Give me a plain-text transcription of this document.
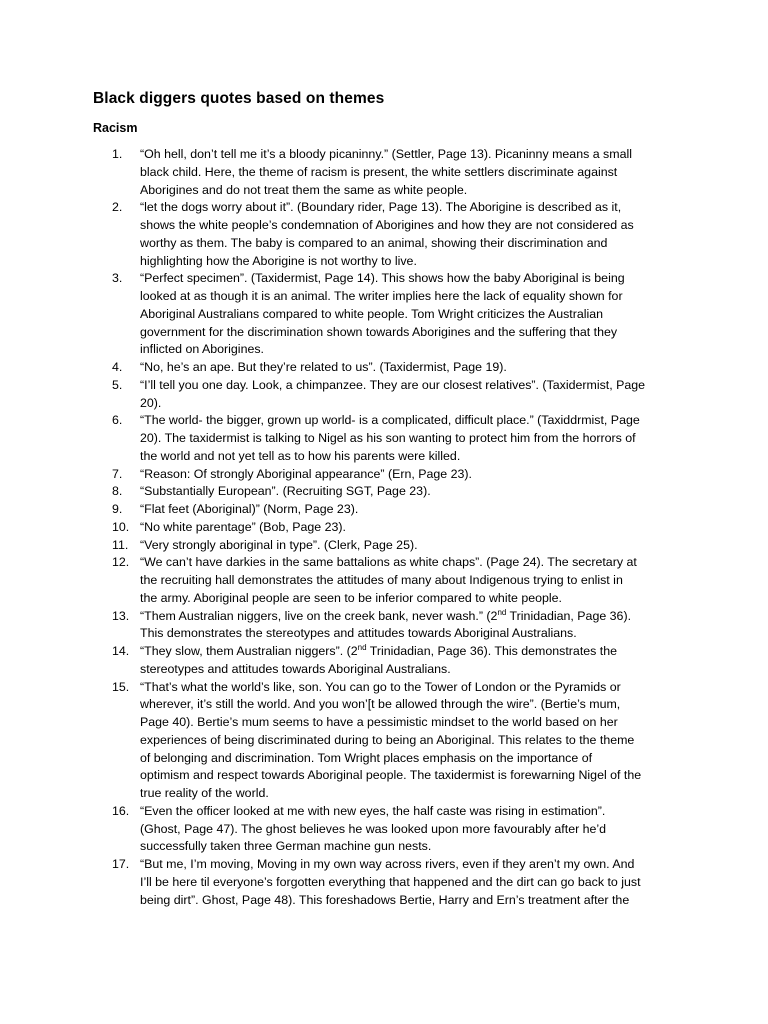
Black diggers quotes based on themes
Racism
1.	“Oh hell, don’t tell me it’s a bloody picaninny.” (Settler, Page 13). Picaninny means a small
black child. Here, the theme of racism is present, the white settlers discriminate against
Aborigines and do not treat them the same as white people.
2.	“let the dogs worry about it”. (Boundary rider, Page 13). The Aborigine is described as it,
shows the white people’s condemnation of Aborigines and how they are not considered as
worthy as them. The baby is compared to an animal, showing their discrimination and
highlighting how the Aborigine is not worthy to live.
3.	“Perfect specimen”. (Taxidermist, Page 14). This shows how the baby Aboriginal is being
looked at as though it is an animal. The writer implies here the lack of equality shown for
Aboriginal Australians compared to white people. Tom Wright criticizes the Australian
government for the discrimination shown towards Aborigines and the suffering that they
inflicted on Aborigines.
4.	“No, he’s an ape. But they’re related to us”. (Taxidermist, Page 19).
5.	“I’ll tell you one day. Look, a chimpanzee. They are our closest relatives”. (Taxidermist, Page
20).
6.	“The world- the bigger, grown up world- is a complicated, difficult place.” (Taxiddrmist, Page
20). The taxidermist is talking to Nigel as his son wanting to protect him from the horrors of
the world and not yet tell as to how his parents were killed.
7.	“Reason: Of strongly Aboriginal appearance” (Ern, Page 23).
8.	“Substantially European”. (Recruiting SGT, Page 23).
9.	“Flat feet (Aboriginal)” (Norm, Page 23).
10. “No white parentage” (Bob, Page 23).
11. “Very strongly aboriginal in type”. (Clerk, Page 25).
12. “We can’t have darkies in the same battalions as white chaps”. (Page 24). The secretary at
the recruiting hall demonstrates the attitudes of many about Indigenous trying to enlist in
the army. Aboriginal people are seen to be inferior compared to white people.
13. “Them Australian niggers, live on the creek bank, never wash.” (2nd Trinidadian, Page 36).
This demonstrates the stereotypes and attitudes towards Aboriginal Australians.
14. “They slow, them Australian niggers”. (2nd Trinidadian, Page 36). This demonstrates the
stereotypes and attitudes towards Aboriginal Australians.
15. “That’s what the world’s like, son. You can go to the Tower of London or the Pyramids or
wherever, it’s still the world. And you won’[t be allowed through the wire”. (Bertie’s mum,
Page 40). Bertie’s mum seems to have a pessimistic mindset to the world based on her
experiences of being discriminated during to being an Aboriginal. This relates to the theme
of belonging and discrimination. Tom Wright places emphasis on the importance of
optimism and respect towards Aboriginal people. The taxidermist is forewarning Nigel of the
true reality of the world.
16. “Even the officer looked at me with new eyes, the half caste was rising in estimation”.
(Ghost, Page 47). The ghost believes he was looked upon more favourably after he’d
successfully taken three German machine gun nests.
17. “But me, I’m moving, Moving in my own way across rivers, even if they aren’t my own. And
I’ll be here til everyone’s forgotten everything that happened and the dirt can go back to just
being dirt”. Ghost, Page 48). This foreshadows Bertie, Harry and Ern’s treatment after the
